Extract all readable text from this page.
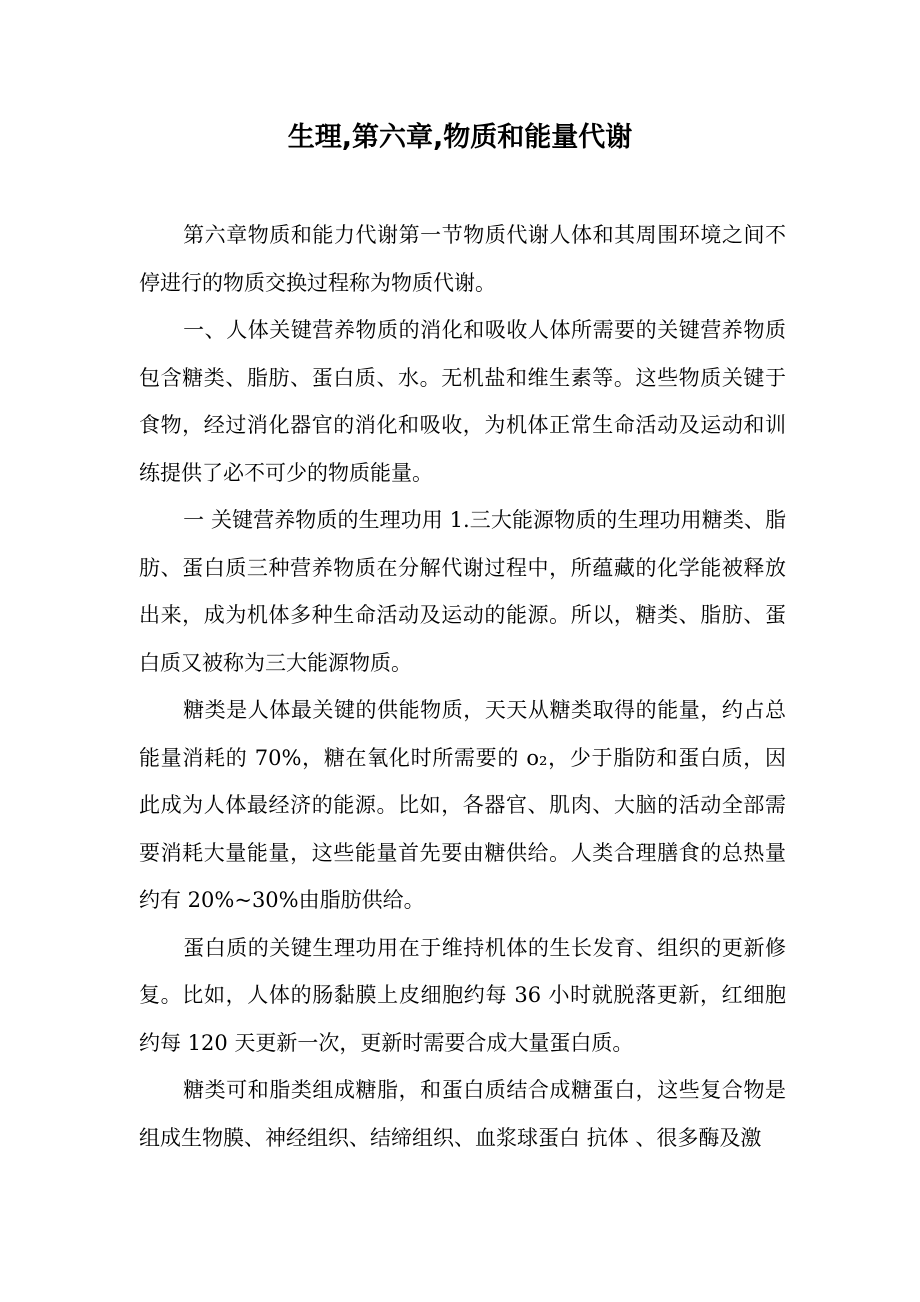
生理,第六章,物质和能量代谢

第六章物质和能力代谢第一节物质代谢人体和其周围环境之间不停进行的物质交换过程称为物质代谢。

一、人体关键营养物质的消化和吸收人体所需要的关键营养物质包含糖类、脂肪、蛋白质、水。无机盐和维生素等。这些物质关键于食物，经过消化器官的消化和吸收，为机体正常生命活动及运动和训练提供了必不可少的物质能量。

一 关键营养物质的生理功用 1.三大能源物质的生理功用糖类、脂肪、蛋白质三种营养物质在分解代谢过程中，所蕴藏的化学能被释放出来，成为机体多种生命活动及运动的能源。所以，糖类、脂肪、蛋白质又被称为三大能源物质。

糖类是人体最关键的供能物质，天天从糖类取得的能量，约占总能量消耗的 70%，糖在氧化时所需要的 o₂，少于脂防和蛋白质，因此成为人体最经济的能源。比如，各器官、肌肉、大脑的活动全部需要消耗大量能量，这些能量首先要由糖供给。人类合理膳食的总热量约有 20%~30%由脂肪供给。

蛋白质的关键生理功用在于维持机体的生长发育、组织的更新修复。比如，人体的肠黏膜上皮细胞约每 36 小时就脱落更新，红细胞约每 120 天更新一次，更新时需要合成大量蛋白质。

糖类可和脂类组成糖脂，和蛋白质结合成糖蛋白，这些复合物是组成生物膜、神经组织、结缔组织、血浆球蛋白 抗体 、很多酶及激
